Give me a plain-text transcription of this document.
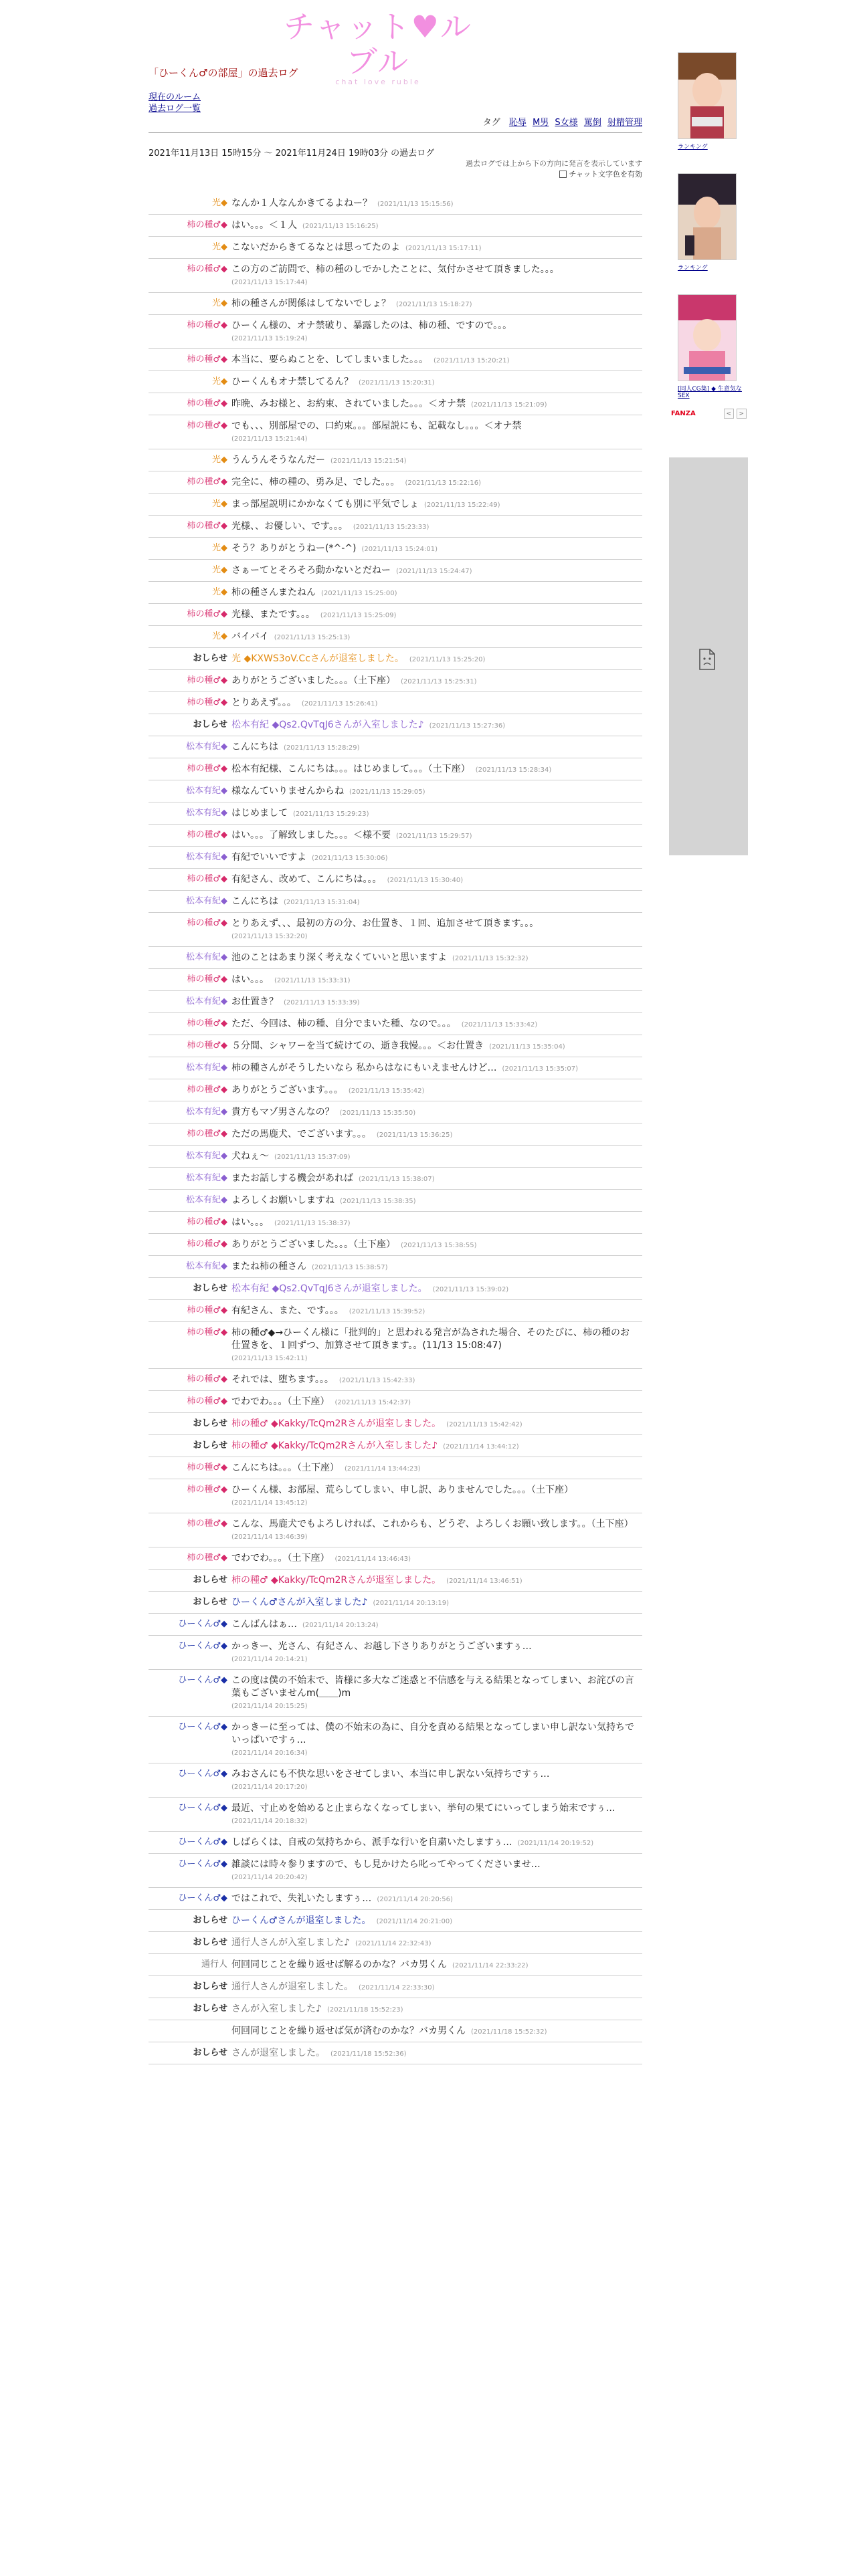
チャット♥ルブル
chat love ruble
「ひーくん♂の部屋」の過去ログ
現在のルーム
過去ログ一覧
タグ 恥辱 M男 S女様 罵倒 射精管理
2021年11月13日 15時15分 ～ 2021年11月24日 19時03分 の過去ログ
過去ログでは上から下の方向に発言を表示しています
チャット文字色を有効
光◆ なんか１人なんかきてるよねー？ (2021/11/13 15:15:56)
柿の種♂◆ はい。。。＜１人 (2021/11/13 15:16:25)
光◆ こないだからきてるなとは思ってたのよ (2021/11/13 15:17:11)
柿の種♂◆ この方のご訪問で、柿の種のしでかしたことに、気付かさせて頂きました。。。
(2021/11/13 15:17:44)
光◆ 柿の種さんが関係はしてないでしょ？ (2021/11/13 15:18:27)
柿の種♂◆ ひーくん様の、オナ禁破り、暴露したのは、柿の種、ですので。。。
(2021/11/13 15:19:24)
柿の種♂◆ 本当に、要らぬことを、してしまいました。。。 (2021/11/13 15:20:21)
光◆ ひーくんもオナ禁してるん？ (2021/11/13 15:20:31)
柿の種♂◆ 昨晩、みお様と、お約束、されていました。。。＜オナ禁 (2021/11/13 15:21:09)
柿の種♂◆ でも、、、別部屋での、口約束。。。部屋説にも、記載なし。。。＜オナ禁
(2021/11/13 15:21:44)
光◆ うんうんそうなんだー (2021/11/13 15:21:54)
柿の種♂◆ 完全に、柿の種の、勇み足、でした。。。 (2021/11/13 15:22:16)
光◆ まっ部屋説明にかかなくても別に平気でしょ (2021/11/13 15:22:49)
柿の種♂◆ 光様、、お優しい、です。。。 (2021/11/13 15:23:33)
光◆ そう？ありがとうねー(*^-^) (2021/11/13 15:24:01)
光◆ さぁーてとそろそろ動かないとだねー (2021/11/13 15:24:47)
光◆ 柿の種さんまたねん (2021/11/13 15:25:00)
柿の種♂◆ 光様、またです。。。 (2021/11/13 15:25:09)
光◆ バイバイ (2021/11/13 15:25:13)
おしらせ 光 ◆KXWS3oV.Ccさんが退室しました。 (2021/11/13 15:25:20)
柿の種♂◆ ありがとうございました。。。（土下座） (2021/11/13 15:25:31)
柿の種♂◆ とりあえず。。。 (2021/11/13 15:26:41)
おしらせ 松本有紀 ◆Qs2.QvTqJ6さんが入室しました♪ (2021/11/13 15:27:36)
松本有紀◆ こんにちは (2021/11/13 15:28:29)
柿の種♂◆ 松本有紀様、こんにちは。。。はじめまして。。。（土下座） (2021/11/13 15:28:34)
松本有紀◆ 様なんていりませんからね (2021/11/13 15:29:05)
松本有紀◆ はじめまして (2021/11/13 15:29:23)
柿の種♂◆ はい。。。了解致しました。。。＜様不要 (2021/11/13 15:29:57)
松本有紀◆ 有紀でいいですよ (2021/11/13 15:30:06)
柿の種♂◆ 有紀さん、改めて、こんにちは。。。 (2021/11/13 15:30:40)
松本有紀◆ こんにちは (2021/11/13 15:31:04)
柿の種♂◆ とりあえず、、、最初の方の分、お仕置き、１回、追加させて頂きます。。。
(2021/11/13 15:32:20)
松本有紀◆ 池のことはあまり深く考えなくていいと思いますよ (2021/11/13 15:32:32)
柿の種♂◆ はい。。。 (2021/11/13 15:33:31)
松本有紀◆ お仕置き？ (2021/11/13 15:33:39)
柿の種♂◆ ただ、今回は、柿の種、自分でまいた種、なので。。。 (2021/11/13 15:33:42)
柿の種♂◆ ５分間、シャワーを当て続けての、逝き我慢。。。＜お仕置き (2021/11/13 15:35:04)
松本有紀◆ 柿の種さんがそうしたいなら 私からはなにもいえませんけど… (2021/11/13 15:35:07)
柿の種♂◆ ありがとうございます。。。 (2021/11/13 15:35:42)
松本有紀◆ 貴方もマゾ男さんなの？ (2021/11/13 15:35:50)
柿の種♂◆ ただの馬鹿犬、でございます。。。 (2021/11/13 15:36:25)
松本有紀◆ 犬ねぇ〜 (2021/11/13 15:37:09)
松本有紀◆ またお話しする機会があれば (2021/11/13 15:38:07)
松本有紀◆ よろしくお願いしますね (2021/11/13 15:38:35)
柿の種♂◆ はい。。。 (2021/11/13 15:38:37)
柿の種♂◆ ありがとうございました。。。（土下座） (2021/11/13 15:38:55)
松本有紀◆ またね柿の種さん (2021/11/13 15:38:57)
おしらせ 松本有紀 ◆Qs2.QvTqJ6さんが退室しました。 (2021/11/13 15:39:02)
柿の種♂◆ 有紀さん、また、です。。。 (2021/11/13 15:39:52)
柿の種♂◆ 柿の種♂◆→ひーくん様に「批判的」と思われる発言が為された場合、そのたびに、柿の種のお仕置きを、１回ずつ、加算させて頂きます。。(11/13 15:08:47)
(2021/11/13 15:42:11)
柿の種♂◆ それでは、堕ちます。。。 (2021/11/13 15:42:33)
柿の種♂◆ でわでわ。。。（土下座） (2021/11/13 15:42:37)
おしらせ 柿の種♂ ◆Kakky/TcQm2Rさんが退室しました。 (2021/11/13 15:42:42)
おしらせ 柿の種♂ ◆Kakky/TcQm2Rさんが入室しました♪ (2021/11/14 13:44:12)
柿の種♂◆ こんにちは。。。（土下座） (2021/11/14 13:44:23)
柿の種♂◆ ひーくん様、お部屋、荒らしてしまい、申し訳、ありませんでした。。。（土下座）
(2021/11/14 13:45:12)
柿の種♂◆ こんな、馬鹿犬でもよろしければ、これからも、どうぞ、よろしくお願い致します。。（土下座）
(2021/11/14 13:46:39)
柿の種♂◆ でわでわ。。。（土下座） (2021/11/14 13:46:43)
おしらせ 柿の種♂ ◆Kakky/TcQm2Rさんが退室しました。 (2021/11/14 13:46:51)
おしらせ ひーくん♂さんが入室しました♪ (2021/11/14 20:13:19)
ひーくん♂◆ こんばんはぁ… (2021/11/14 20:13:24)
ひーくん♂◆ かっきー、光さん、有紀さん、お越し下さりありがとうございますぅ…
(2021/11/14 20:14:21)
ひーくん♂◆ この度は僕の不始末で、皆様に多大なご迷惑と不信感を与える結果となってしまい、お詫びの言葉もございませんm(＿＿)m
(2021/11/14 20:15:25)
ひーくん♂◆ かっきーに至っては、僕の不始末の為に、自分を責める結果となってしまい申し訳ない気持ちでいっぱいですぅ…
(2021/11/14 20:16:34)
ひーくん♂◆ みおさんにも不快な思いをさせてしまい、本当に申し訳ない気持ちですぅ…
(2021/11/14 20:17:20)
ひーくん♂◆ 最近、寸止めを始めると止まらなくなってしまい、挙句の果てにいってしまう始末ですぅ…
(2021/11/14 20:18:32)
ひーくん♂◆ しばらくは、自戒の気持ちから、派手な行いを自粛いたしますぅ… (2021/11/14 20:19:52)
ひーくん♂◆ 雑談には時々参りますので、もし見かけたら叱ってやってくださいませ…
(2021/11/14 20:20:42)
ひーくん♂◆ ではこれで、失礼いたしますぅ… (2021/11/14 20:20:56)
おしらせ ひーくん♂さんが退室しました。 (2021/11/14 20:21:00)
おしらせ 通行人さんが入室しました♪ (2021/11/14 22:32:43)
通行人 何回同じことを繰り返せば解るのかな？バカ男くん (2021/11/14 22:33:22)
おしらせ 通行人さんが退室しました。 (2021/11/14 22:33:30)
おしらせ さんが入室しました♪ (2021/11/18 15:52:23)
何回同じことを繰り返せば気が済むのかな？バカ男くん (2021/11/18 15:52:32)
おしらせ さんが退室しました。 (2021/11/18 15:52:36)
ランキング
ランキング
[同人CG集] ◆ 生意気なSEX
FANZA	<	>
